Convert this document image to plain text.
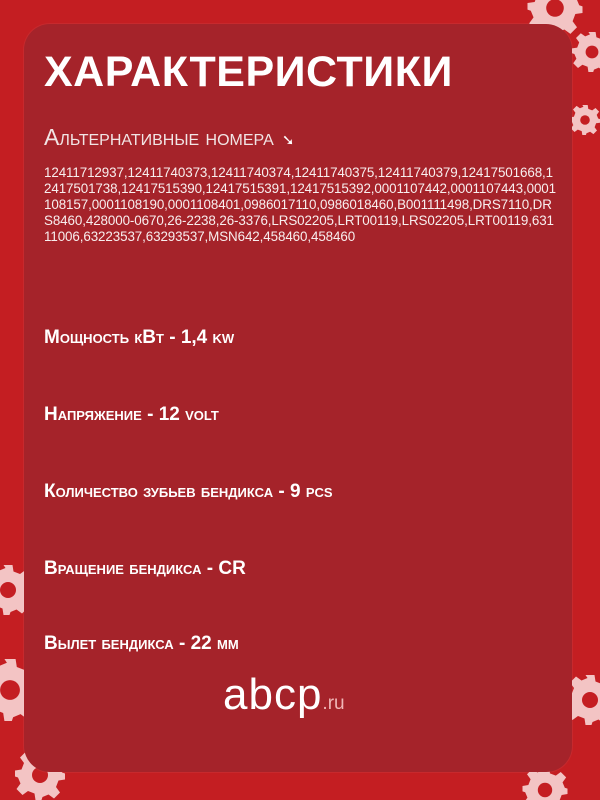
ХАРАКТЕРИСТИКИ
Альтернативные номера ➘
12411712937,12411740373,12411740374,12411740375,12411740379,12417501668,12417501738,12417515390,12417515391,12417515392,0001107442,0001107443,0001108157,0001108190,0001108401,0986017110,0986018460,B001111498,DRS7110,DRS8460,428000-0670,26-2238,26-3376,LRS02205,LRT00119,LRS02205,LRT00119,63111006,63223537,63293537,MSN642,458460,458460
Мощность кВт - 1,4 kw
Напряжение - 12 volt
Количество зубьев бендикса - 9 pcs
Вращение бендикса - CR
Вылет бендикса - 22 мм
abcp.ru
